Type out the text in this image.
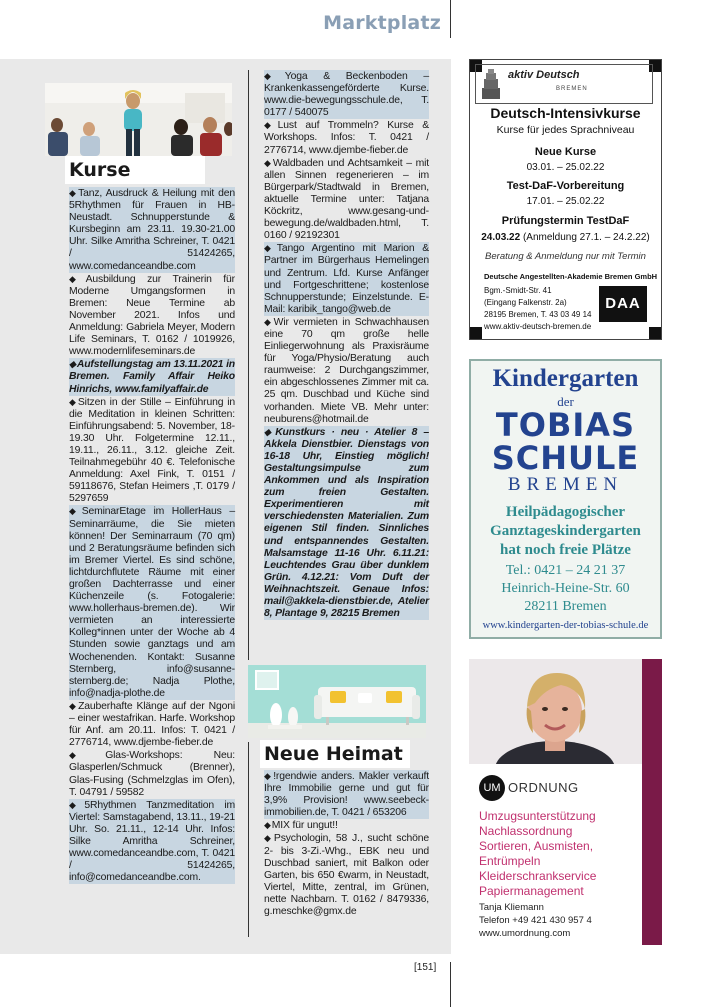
Marktplatz
Kurse

◆Tanz, Ausdruck & Heilung mit den 5Rhythmen für Frauen in HB-Neustadt. Schnupperstunde & Kursbeginn am 23.11. 19.30-21.00 Uhr. Silke Amritha Schreiner, T. 0421 / 51424265, www.comedanceandbe.com

◆Ausbildung zur Trainerin für Moderne Umgangsformen in Bremen: Neue Termine ab November 2021. Infos und Anmeldung: Gabriela Meyer, Modern Life Seminars, T. 0162 / 1019926, www.modernlifeseminars.de

◆Aufstellungstag am 13.11.2021 in Bremen. Family Affair Heiko Hinrichs, www.familyaffair.de

◆Sitzen in der Stille – Einführung in die Meditation in kleinen Schritten: Einführungsabend: 5. November, 18-19.30 Uhr. Folgetermine 12.11., 19.11., 26.11., 3.12. gleiche Zeit. Teilnahmegebühr 40 €. Telefonische Anmeldung: Axel Fink, T. 0151 / 59118676, Stefan Heimers ,T. 0179 / 5297659

◆SeminarEtage im HollerHaus – Seminarräume, die Sie mieten können! Der Seminarraum (70 qm) und 2 Beratungsräume befinden sich im Bremer Viertel. Es sind schöne, lichtdurchflutete Räume mit einer großen Dachterrasse und einer Küchenzeile (s. Fotogalerie: www.hollerhaus-bremen.de). Wir vermieten an interessierte Kolleg*innen unter der Woche ab 4 Stunden sowie ganztags und am Wochenenden. Kontakt: Susanne Sternberg, info@susanne-sternberg.de; Nadja Plothe, info@nadja-plothe.de

◆Zauberhafte Klänge auf der Ngoni – einer westafrikan. Harfe. Workshop für Anf. am 20.11. Infos: T. 0421 / 2776714, www.djembe-fieber.de

◆Glas-Workshops: Neu: Glasperlen/Schmuck (Brenner), Glas-Fusing (Schmelzglas im Ofen), T. 04791 / 59582

◆5Rhythmen Tanzmeditation im Viertel: Samstagabend, 13.11., 19-21 Uhr. So. 21.11., 12-14 Uhr. Infos: Silke Amritha Schreiner, www.comedanceandbe.com, T. 0421 / 51424265, info@comedanceandbe.com.

◆Yoga & Beckenboden – Krankenkassengeförderte Kurse. www.die-bewegungsschule.de, T. 0177 / 540075

◆Lust auf Trommeln? Kurse & Workshops. Infos: T. 0421 / 2776714, www.djembe-fieber.de

◆Waldbaden und Achtsamkeit – mit allen Sinnen regenerieren – im Bürgerpark/Stadtwald in Bremen, aktuelle Termine unter: Tatjana Köckritz, www.gesang-und-bewegung.de/waldbaden.html, T. 0160 / 92192301

◆Tango Argentino mit Marion & Partner im Bürgerhaus Hemelingen und Zentrum. Lfd. Kurse Anfänger und Fortgeschrittene; kostenlose Schnupperstunde; Einzelstunde. E-Mail: karibik_tango@web.de

◆Wir vermieten in Schwachhausen eine 70 qm große helle Einliegerwohnung als Praxisräume für Yoga/Physio/Beratung auch raumweise: 2 Durchgangszimmer, ein abgeschlossenes Zimmer mit ca. 25 qm. Duschbad und Küche sind vorhanden. Miete VB. Mehr unter: neuburens@hotmail.de

◆Kunstkurs · neu · Atelier 8 – Akkela Dienstbier. Dienstags von 16-18 Uhr, Einstieg möglich! Gestaltungsimpulse zum Ankommen und als Inspiration zum freien Gestalten. Experimentieren mit verschiedensten Materialien. Zum eigenen Stil finden. Sinnliches und entspannendes Gestalten. Malsamstage 11-16 Uhr. 6.11.21: Leuchtendes Grau über dunklem Grün. 4.12.21: Vom Duft der Weihnachtszeit. Genaue Infos: mail@akkela-dienstbier.de, Atelier 8, Plantage 9, 28215 Bremen

Neue Heimat

◆!rgendwie anders. Makler verkauft Ihre Immobilie gerne und gut für 3,9% Provision! www.seebeck-immobilien.de, T. 0421 / 653206

◆MIX für ungut!!

◆Psychologin, 58 J., sucht schöne 2- bis 3-Zi.-Whg., EBK neu und Duschbad saniert, mit Balkon oder Garten, bis 650 €warm, in Neustadt, Viertel, Mitte, zentral, im Grünen, nette Nachbarn. T. 0162 / 8479336, g.meschke@gmx.de

aktiv Deutsch
BREMEN
Deutsch-Intensivkurse
Kurse für jedes Sprachniveau
Neue Kurse
03.01. – 25.02.22
Test-DaF-Vorbereitung
17.01. – 25.02.22
Prüfungstermin TestDaF
24.03.22 (Anmeldung 27.1. – 24.2.22)
Beratung & Anmeldung nur mit Termin
Deutsche Angestellten-Akademie Bremen GmbH
Bgm.-Smidt-Str. 41
(Eingang Falkenstr. 2a)
28195 Bremen, T. 43 03 49 14
www.aktiv-deutsch-bremen.de
DAA
Kindergarten
der
TOBIAS
SCHULE
BREMEN
Heilpädagogischer
Ganztageskindergarten
hat noch freie Plätze
Tel.: 0421 – 24 21 37
Heinrich-Heine-Str. 60
28211 Bremen
www.kindergarten-der-tobias-schule.de
UM ORDNUNG
Umzugsunterstützung
Nachlassordnung
Sortieren, Ausmisten,
Entrümpeln
Kleiderschrankservice
Papiermanagement
Tanja Kliemann
Telefon +49 421 430 957 4
www.umordnung.com
[151]
